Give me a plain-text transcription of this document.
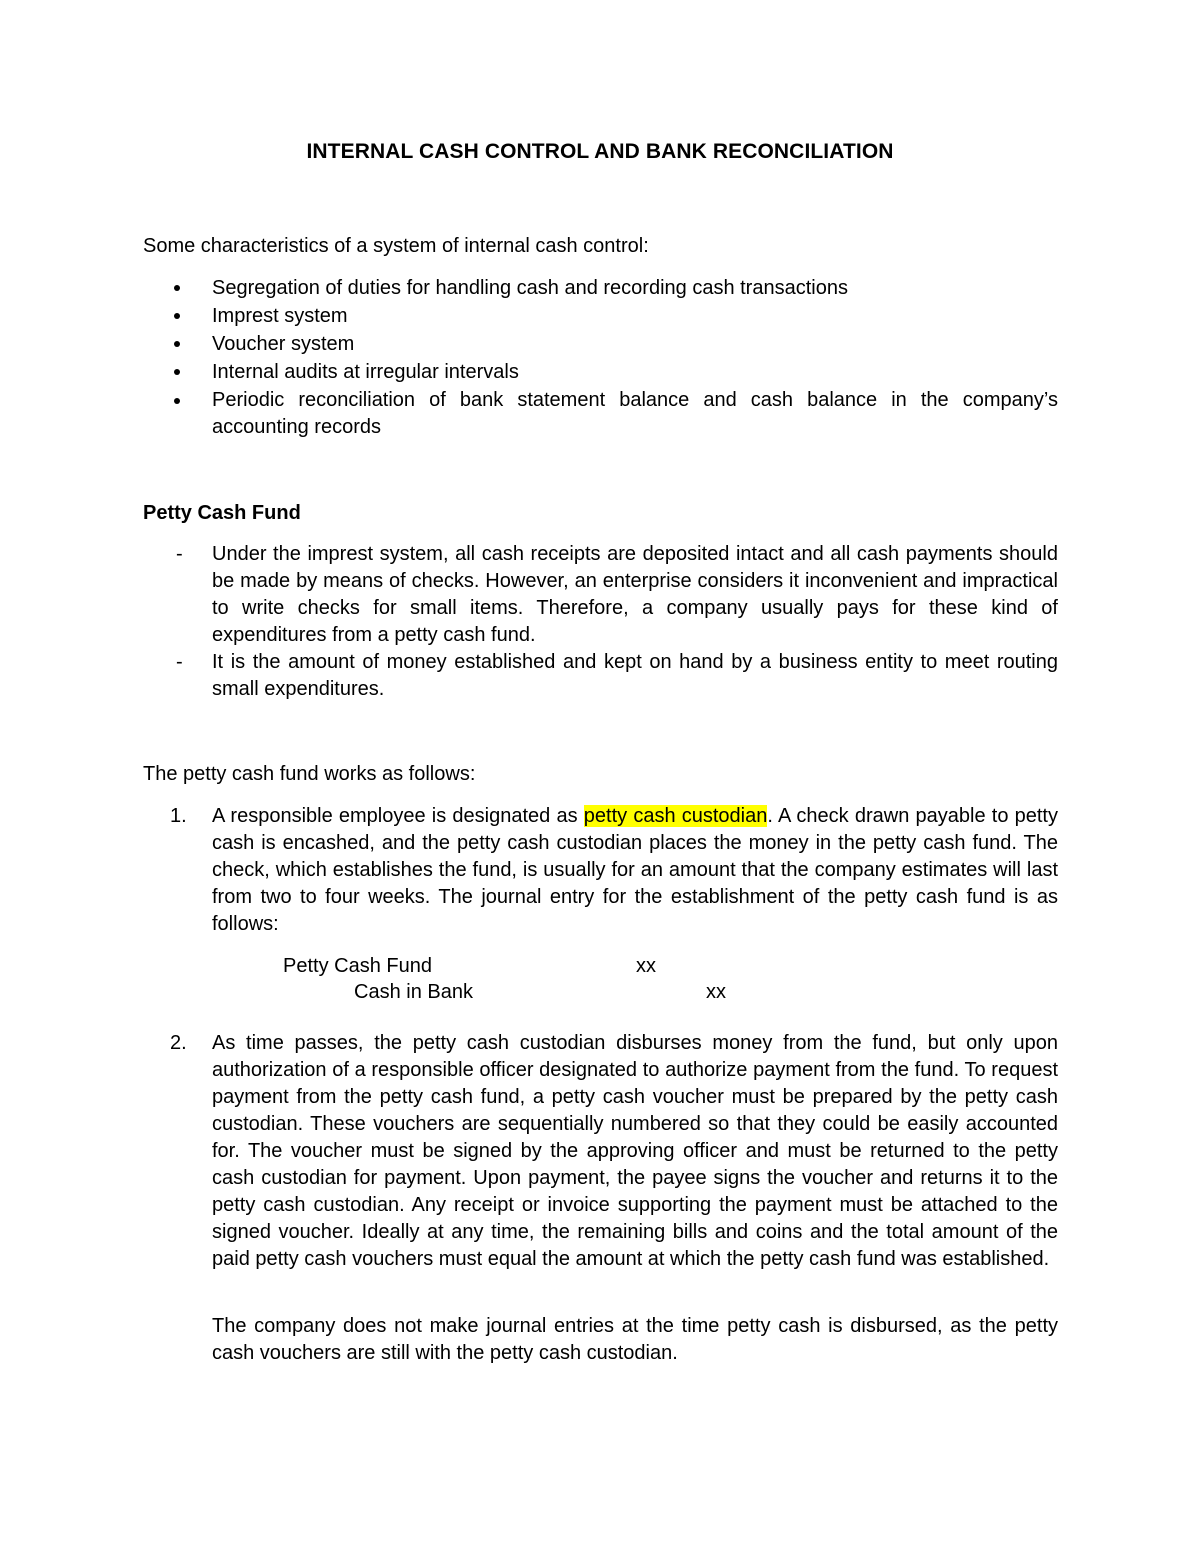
INTERNAL CASH CONTROL AND BANK RECONCILIATION
Some characteristics of a system of internal cash control:
Segregation of duties for handling cash and recording cash transactions
Imprest system
Voucher system
Internal audits at irregular intervals
Periodic reconciliation of bank statement balance and cash balance in the company’s accounting records
Petty Cash Fund
- Under the imprest system, all cash receipts are deposited intact and all cash payments should be made by means of checks. However, an enterprise considers it inconvenient and impractical to write checks for small items. Therefore, a company usually pays for these kind of expenditures from a petty cash fund.
- It is the amount of money established and kept on hand by a business entity to meet routing small expenditures.
The petty cash fund works as follows:
1. A responsible employee is designated as petty cash custodian. A check drawn payable to petty cash is encashed, and the petty cash custodian places the money in the petty cash fund. The check, which establishes the fund, is usually for an amount that the company estimates will last from two to four weeks. The journal entry for the establishment of the petty cash fund is as follows:
Petty Cash Fund	xx
Cash in Bank	xx
2. As time passes, the petty cash custodian disburses money from the fund, but only upon authorization of a responsible officer designated to authorize payment from the fund. To request payment from the petty cash fund, a petty cash voucher must be prepared by the petty cash custodian. These vouchers are sequentially numbered so that they could be easily accounted for. The voucher must be signed by the approving officer and must be returned to the petty cash custodian for payment. Upon payment, the payee signs the voucher and returns it to the petty cash custodian. Any receipt or invoice supporting the payment must be attached to the signed voucher. Ideally at any time, the remaining bills and coins and the total amount of the paid petty cash vouchers must equal the amount at which the petty cash fund was established.
The company does not make journal entries at the time petty cash is disbursed, as the petty cash vouchers are still with the petty cash custodian.
